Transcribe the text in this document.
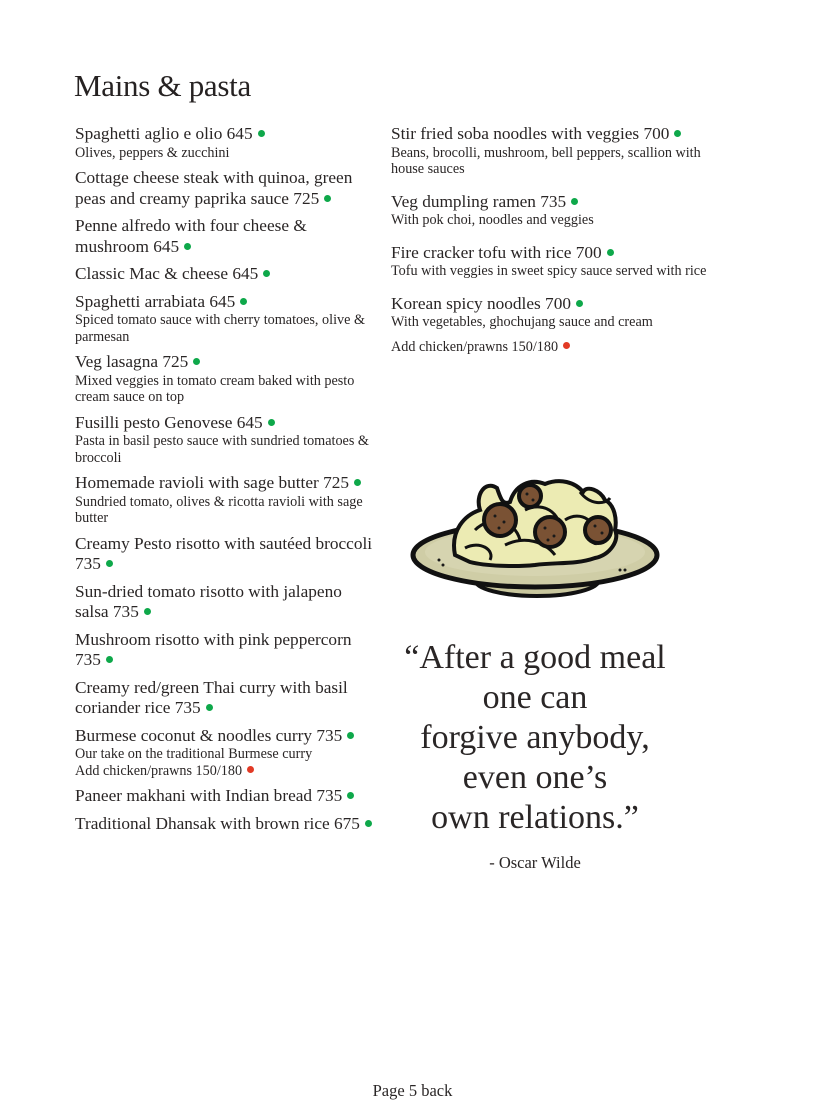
Mains & pasta
Spaghetti aglio e olio 645
Olives, peppers & zucchini
Cottage cheese steak with quinoa, green peas and creamy paprika sauce 725
Penne alfredo with four cheese & mushroom 645
Classic Mac & cheese 645
Spaghetti arrabiata 645
Spiced tomato sauce with cherry tomatoes, olive & parmesan
Veg lasagna 725
Mixed veggies in tomato cream baked with pesto cream sauce on top
Fusilli pesto Genovese 645
Pasta in basil pesto sauce with sundried tomatoes & broccoli
Homemade ravioli with sage butter 725
Sundried tomato, olives & ricotta ravioli with sage butter
Creamy Pesto risotto with sautéed broccoli 735
Sun-dried tomato risotto with jalapeno salsa 735
Mushroom risotto with pink peppercorn 735
Creamy red/green Thai curry with basil coriander rice 735
Burmese coconut & noodles curry 735
Our take on the traditional Burmese curry
Add chicken/prawns 150/180
Paneer makhani with Indian bread 735
Traditional Dhansak with brown rice 675
Stir fried soba noodles with veggies 700
Beans, brocolli, mushroom, bell peppers, scallion with house sauces
Veg dumpling ramen 735
With pok choi, noodles and veggies
Fire cracker tofu with rice 700
Tofu with veggies in sweet spicy sauce served with rice
Korean spicy noodles 700
With vegetables, ghochujang sauce and cream
Add chicken/prawns 150/180
“After a good meal
one can
forgive anybody,
even one’s
own relations.”
- Oscar Wilde
Page 5 back
